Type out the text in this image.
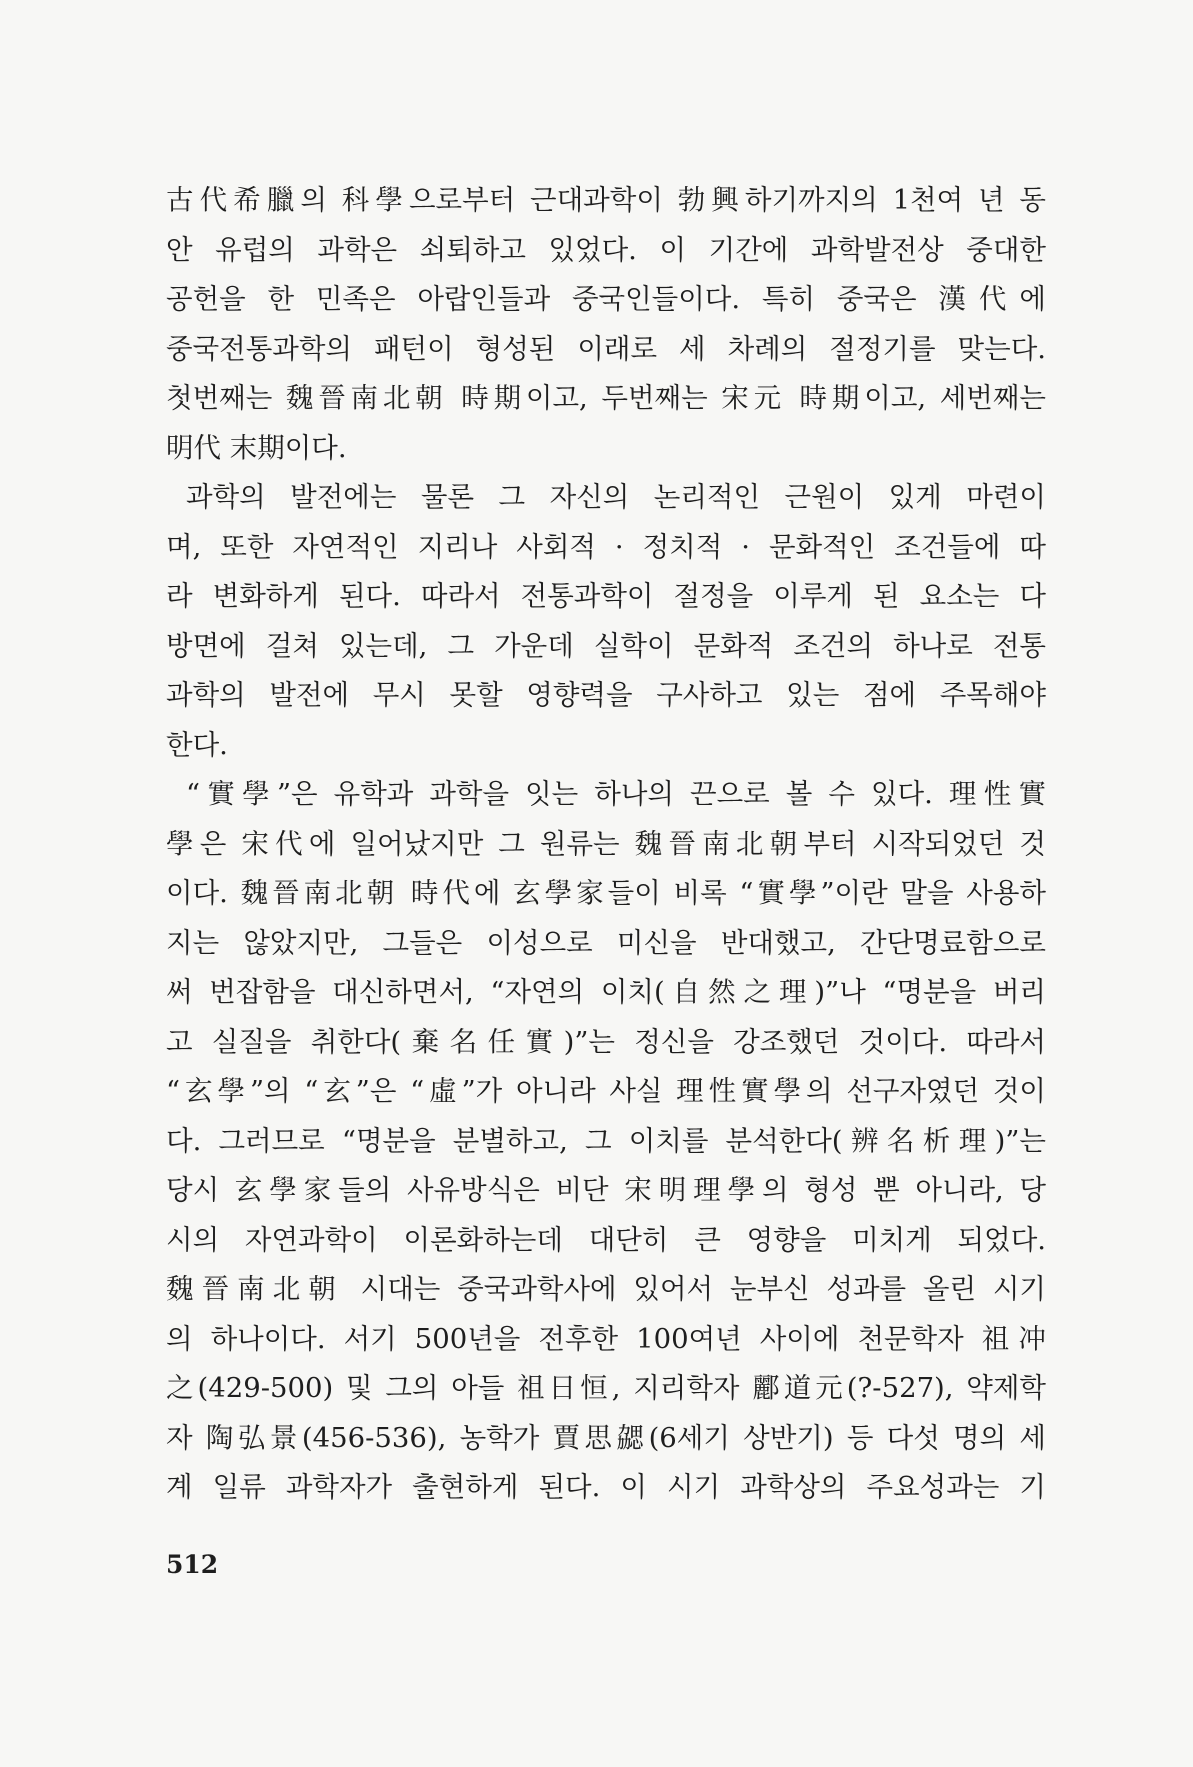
古代希臘의 科學으로부터 근대과학이 勃興하기까지의 1천여 년 동
안 유럽의 과학은 쇠퇴하고 있었다. 이 기간에 과학발전상 중대한
공헌을 한 민족은 아랍인들과 중국인들이다. 특히 중국은 漢代에
중국전통과학의 패턴이 형성된 이래로 세 차례의 절정기를 맞는다.
첫번째는 魏晉南北朝 時期이고, 두번째는 宋元 時期이고, 세번째는
明代 末期이다.
과학의 발전에는 물론 그 자신의 논리적인 근원이 있게 마련이
며, 또한 자연적인 지리나 사회적 · 정치적 · 문화적인 조건들에 따
라 변화하게 된다. 따라서 전통과학이 절정을 이루게 된 요소는 다
방면에 걸쳐 있는데, 그 가운데 실학이 문화적 조건의 하나로 전통
과학의 발전에 무시 못할 영향력을 구사하고 있는 점에 주목해야
한다.
“實學”은 유학과 과학을 잇는 하나의 끈으로 볼 수 있다. 理性實
學은 宋代에 일어났지만 그 원류는 魏晉南北朝부터 시작되었던 것
이다. 魏晉南北朝 時代에 玄學家들이 비록 “實學”이란 말을 사용하
지는 않았지만, 그들은 이성으로 미신을 반대했고, 간단명료함으로
써 번잡함을 대신하면서, “자연의 이치(自然之理)”나 “명분을 버리
고 실질을 취한다(棄名任實)”는 정신을 강조했던 것이다. 따라서
“玄學”의 “玄”은 “虛”가 아니라 사실 理性實學의 선구자였던 것이
다. 그러므로 “명분을 분별하고, 그 이치를 분석한다(辨名析理)”는
당시 玄學家들의 사유방식은 비단 宋明理學의 형성 뿐 아니라, 당
시의 자연과학이 이론화하는데 대단히 큰 영향을 미치게 되었다.
魏晉南北朝 시대는 중국과학사에 있어서 눈부신 성과를 올린 시기
의 하나이다. 서기 500년을 전후한 100여년 사이에 천문학자 祖冲
之(429-500) 및 그의 아들 祖日恒, 지리학자 酈道元(?-527), 약제학
자 陶弘景(456-536), 농학가 賈思勰(6세기 상반기) 등 다섯 명의 세
계 일류 과학자가 출현하게 된다. 이 시기 과학상의 주요성과는 기
512
